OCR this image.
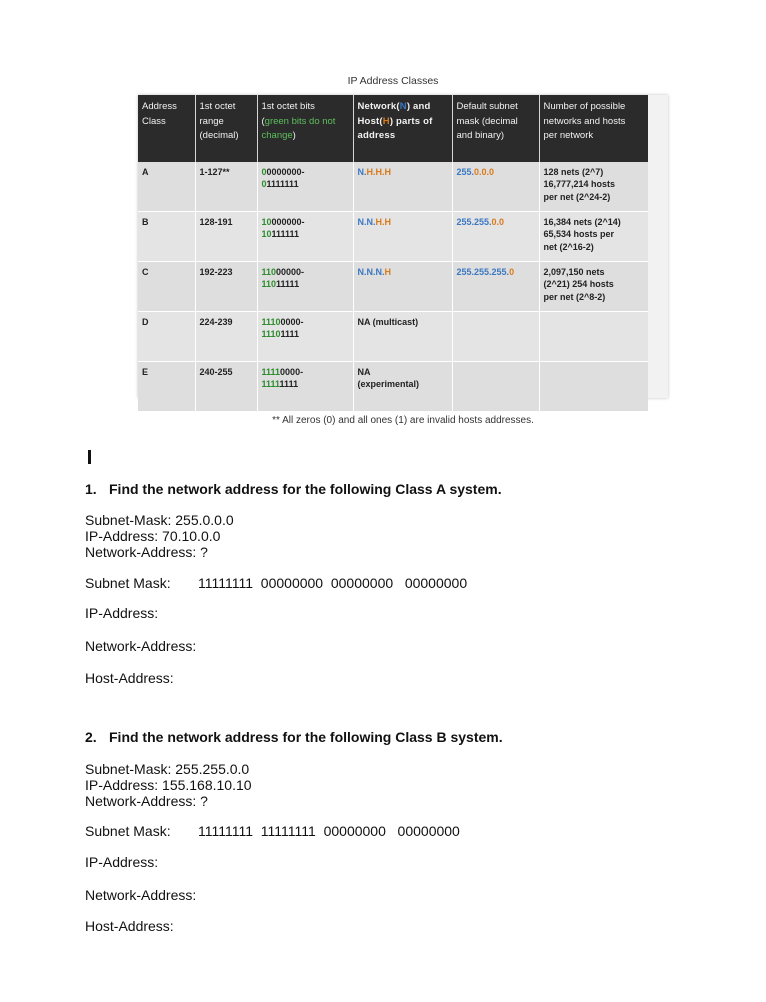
IP Address Classes
Address
Class	1st octet
range
(decimal)	1st octet bits
(green bits do not
change)	Network(N) and
Host(H) parts of
address	Default subnet
mask (decimal
and binary)	Number of possible
networks and hosts
per network
A	1-127**	00000000-
01111111	N.H.H.H	255.0.0.0	128 nets (2^7)
16,777,214 hosts
per net (2^24-2)
B	128-191	10000000-
10111111	N.N.H.H	255.255.0.0	16,384 nets (2^14)
65,534 hosts per
net (2^16-2)
C	192-223	11000000-
11011111	N.N.N.H	255.255.255.0	2,097,150 nets
(2^21) 254 hosts
per net (2^8-2)
D	224-239	11100000-
11101111	NA (multicast)		
E	240-255	11110000-
11111111	NA
(experimental)		
** All zeros (0) and all ones (1) are invalid hosts addresses.
1. Find the network address for the following Class A system.
Subnet-Mask: 255.0.0.0
IP-Address: 70.10.0.0
Network-Address: ?
Subnet Mask: 11111111  00000000  00000000   00000000
IP-Address:
Network-Address:
Host-Address:
2. Find the network address for the following Class B system.
Subnet-Mask: 255.255.0.0
IP-Address: 155.168.10.10
Network-Address: ?
Subnet Mask: 11111111  11111111  00000000   00000000
IP-Address:
Network-Address:
Host-Address:
